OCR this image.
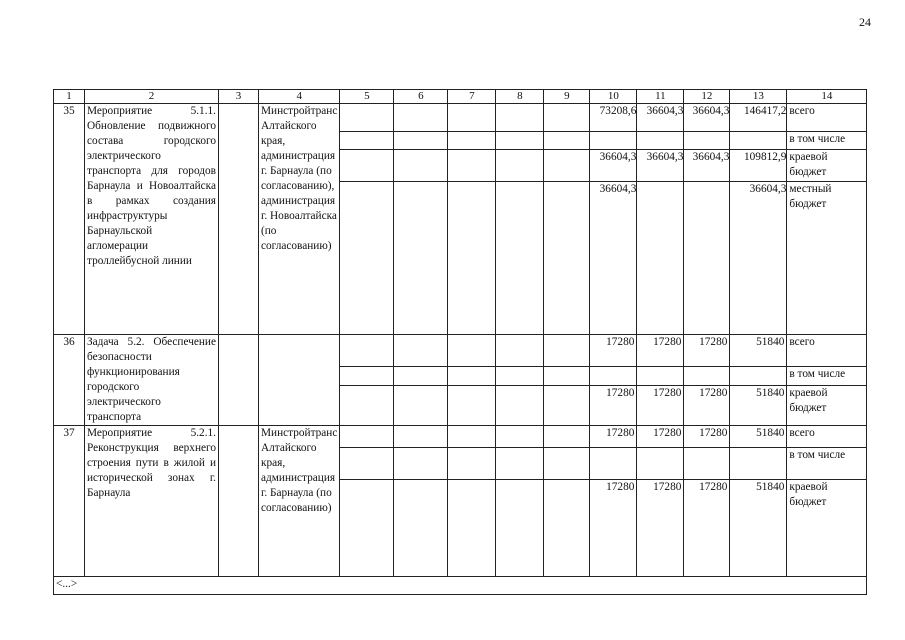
24
1	2	3	4	5	6	7	8	9	10	11	12	13	14
35	Мероприятие 5.1.1. Обновление подвижного состава городского электрического транспорта для городов Барнаула и Новоалтайска в рамках создания инфраструктуры Барнаульской агломерации троллейбусной линии		Минстройтранс Алтайского края, администрация г. Барнаула (по согласованию), администрация г. Новоалтайска (по согласованию)						73208,6	36604,3	36604,3	146417,2	всего
													в том числе
									36604,3	36604,3	36604,3	109812,9	краевой бюджет
									36604,3			36604,3	местный бюджет
36	Задача 5.2. Обеспечение безопасности функционирования городского электрического транспорта								17280	17280	17280	51840	всего
													в том числе
									17280	17280	17280	51840	краевой бюджет
37	Мероприятие 5.2.1. Реконструкция верхнего строения пути в жилой и исторической зонах г. Барнаула		Минстройтранс Алтайского края, администрация г. Барнаула (по согласованию)						17280	17280	17280	51840	всего
													в том числе
									17280	17280	17280	51840	краевой бюджет
<...>													
